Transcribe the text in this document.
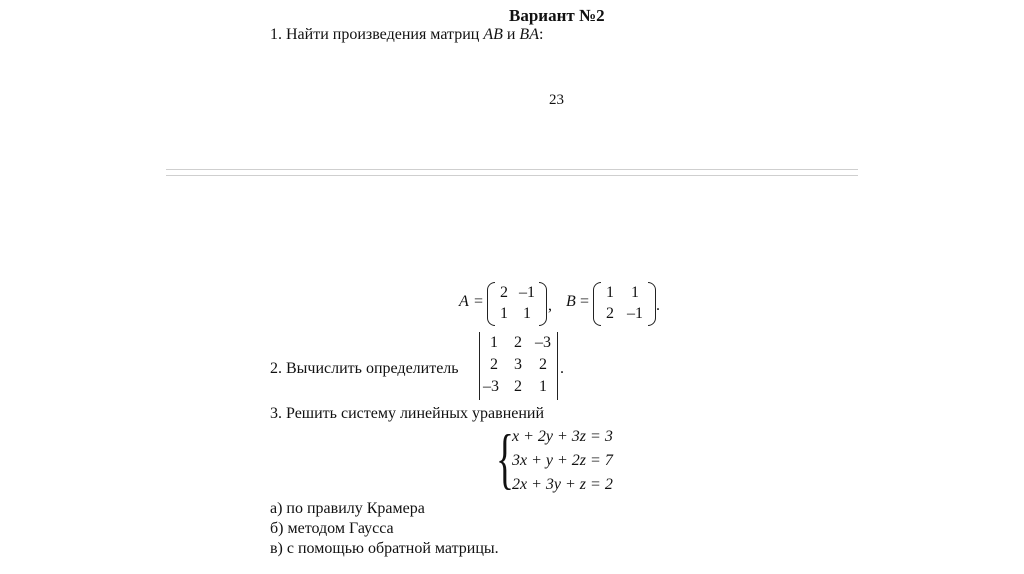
Вариант №2
1. Найти произведения матриц AB и BA:
23
A =
2 –1
1 1	, B =
1	1
2 –1 .
2. Вычислить определитель
1	2 –3
2	3	2
–3 2	1
.
3. Решить систему линейных уравнений
{
x + 2y + 3z = 3
3x + y + 2z = 7
2x + 3y + z = 2
а) по правилу Крамера
б) методом Гаусса
в) с помощью обратной матрицы.
